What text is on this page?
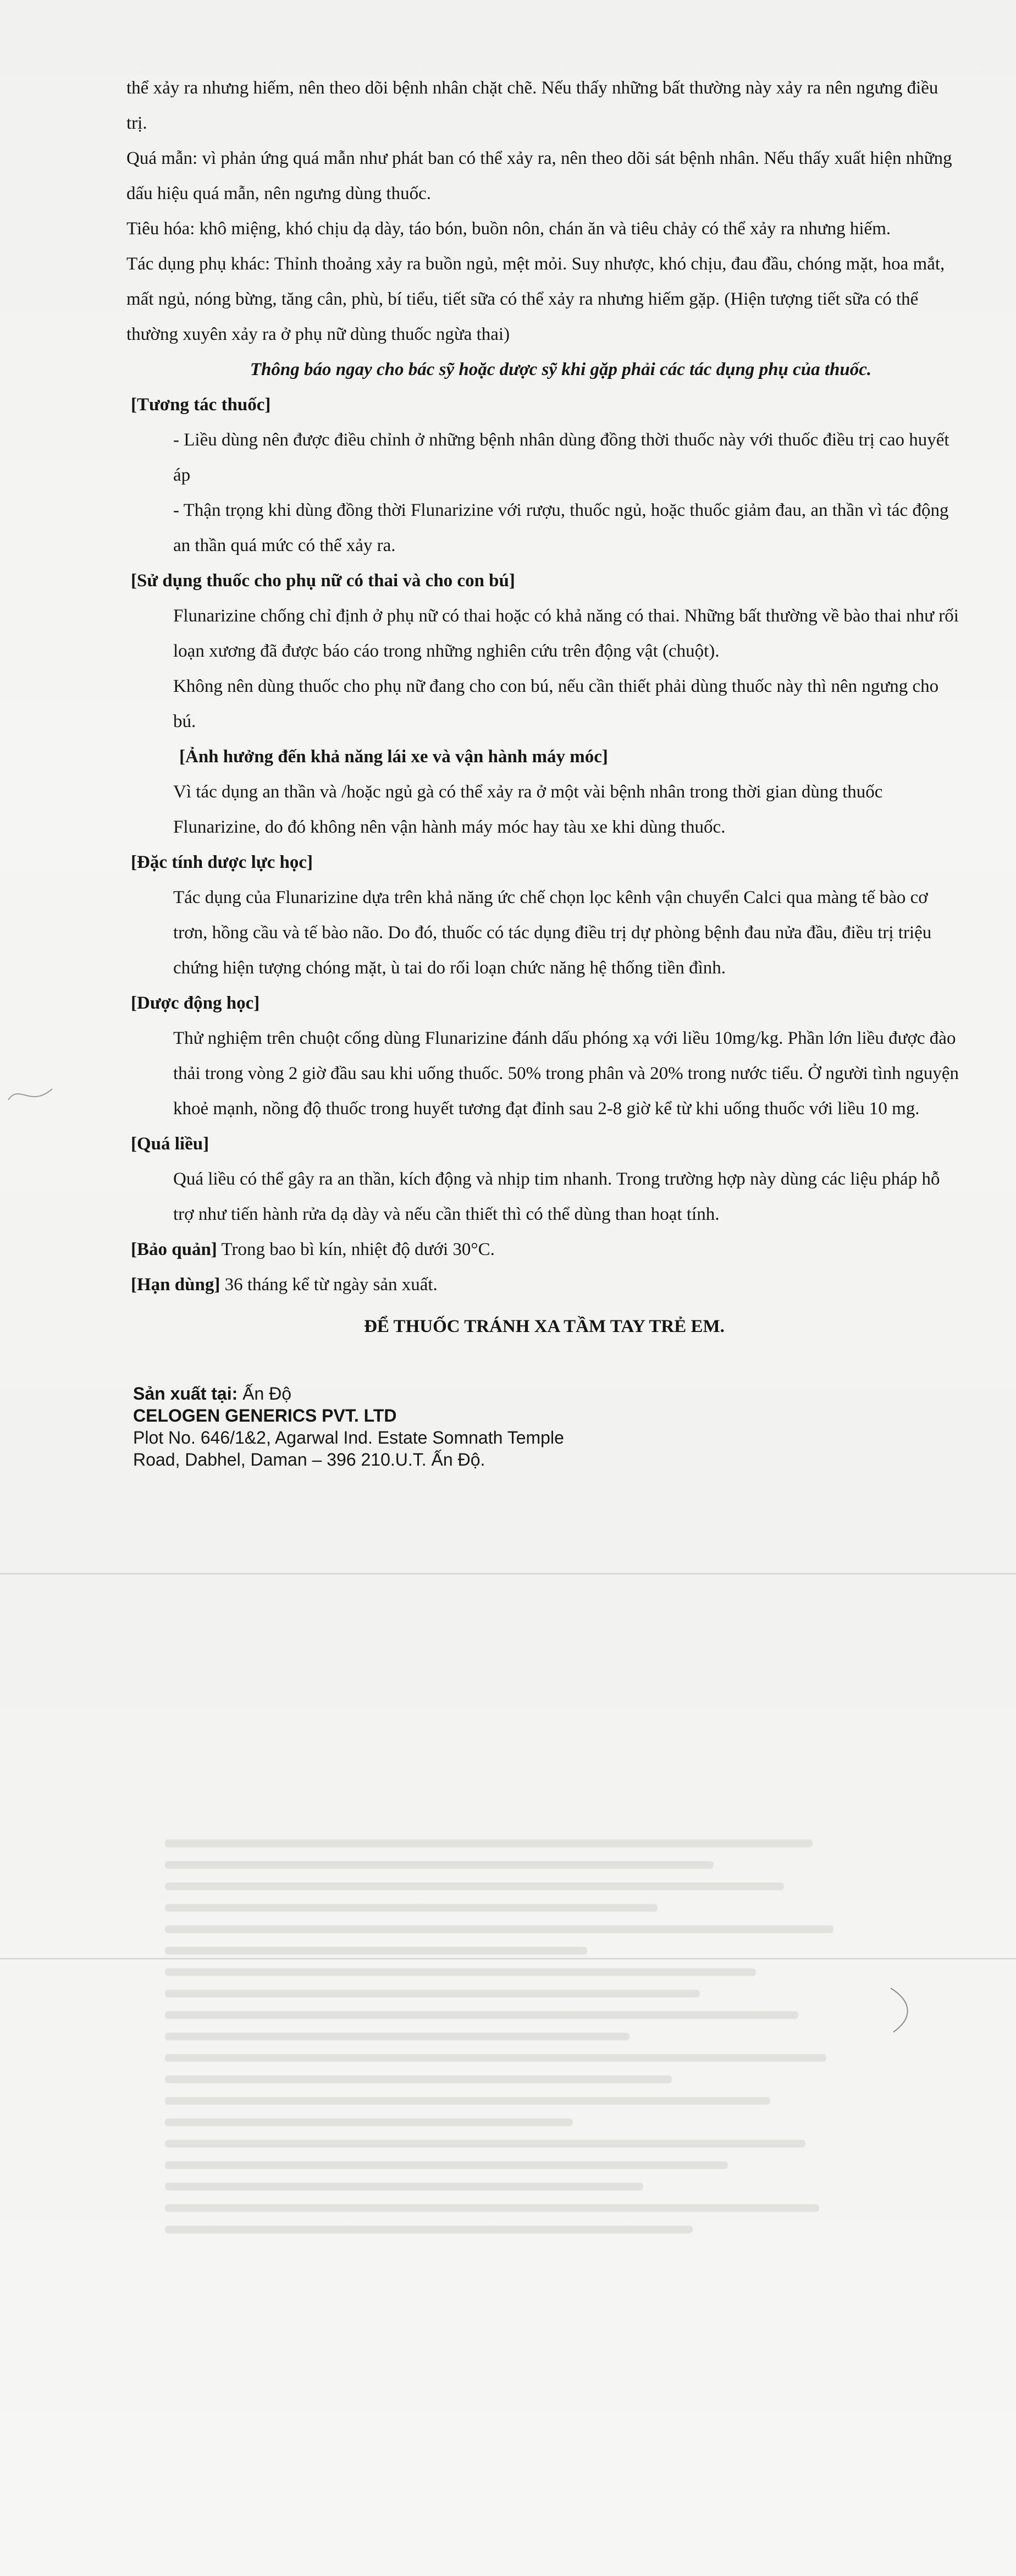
thể xảy ra nhưng hiếm, nên theo dõi bệnh nhân chặt chẽ. Nếu thấy những bất thường này xảy ra nên ngưng điều trị.

Quá mẫn: vì phản ứng quá mẫn như phát ban có thể xảy ra, nên theo dõi sát bệnh nhân. Nếu thấy xuất hiện những dấu hiệu quá mẫn, nên ngưng dùng thuốc.

Tiêu hóa: khô miệng, khó chịu dạ dày, táo bón, buồn nôn, chán ăn và tiêu chảy có thể xảy ra nhưng hiếm.

Tác dụng phụ khác: Thỉnh thoảng xảy ra buồn ngủ, mệt mỏi. Suy nhược, khó chịu, đau đầu, chóng mặt, hoa mắt, mất ngủ, nóng bừng, tăng cân, phù, bí tiểu, tiết sữa có thể xảy ra nhưng hiếm gặp. (Hiện tượng tiết sữa có thể thường xuyên xảy ra ở phụ nữ dùng thuốc ngừa thai)

Thông báo ngay cho bác sỹ hoặc dược sỹ khi gặp phải các tác dụng phụ của thuốc.

[Tương tác thuốc]

- Liều dùng nên được điều chỉnh ở những bệnh nhân dùng đồng thời thuốc này với thuốc điều trị cao huyết áp

- Thận trọng khi dùng đồng thời Flunarizine với rượu, thuốc ngủ, hoặc thuốc giảm đau, an thần vì tác động an thần quá mức có thể xảy ra.

[Sử dụng thuốc cho phụ nữ có thai và cho con bú]

Flunarizine chống chỉ định ở phụ nữ có thai hoặc có khả năng có thai. Những bất thường về bào thai như rối loạn xương đã được báo cáo trong những nghiên cứu trên động vật (chuột).

Không nên dùng thuốc cho phụ nữ đang cho con bú, nếu cần thiết phải dùng thuốc này thì nên ngưng cho bú.

[Ảnh hưởng đến khả năng lái xe và vận hành máy móc]

Vì tác dụng an thần và /hoặc ngủ gà có thể xảy ra ở một vài bệnh nhân trong thời gian dùng thuốc Flunarizine, do đó không nên vận hành máy móc hay tàu xe khi dùng thuốc.

[Đặc tính dược lực học]

Tác dụng của Flunarizine dựa trên khả năng ức chế chọn lọc kênh vận chuyển Calci qua màng tế bào cơ trơn, hồng cầu và tế bào não. Do đó, thuốc có tác dụng điều trị dự phòng bệnh đau nửa đầu, điều trị triệu chứng hiện tượng chóng mặt, ù tai do rối loạn chức năng hệ thống tiền đình.

[Dược động học]

Thử nghiệm trên chuột cống dùng Flunarizine đánh dấu phóng xạ với liều 10mg/kg. Phần lớn liều được đào thải trong vòng 2 giờ đầu sau khi uống thuốc. 50% trong phân và 20% trong nước tiểu. Ở người tình nguyện khoẻ mạnh, nồng độ thuốc trong huyết tương đạt đỉnh sau 2-8 giờ kể từ khi uống thuốc với liều 10 mg.

[Quá liều]

Quá liều có thể gây ra an thần, kích động và nhịp tim nhanh. Trong trường hợp này dùng các liệu pháp hỗ trợ như tiến hành rửa dạ dày và nếu cần thiết thì có thể dùng than hoạt tính.

[Bảo quản] Trong bao bì kín, nhiệt độ dưới 30°C.

[Hạn dùng] 36 tháng kể từ ngày sản xuất.

ĐỂ THUỐC TRÁNH XA TẦM TAY TRẺ EM.

Sản xuất tại: Ấn Độ
CELOGEN GENERICS PVT. LTD
Plot No. 646/1&2, Agarwal Ind. Estate Somnath Temple
Road, Dabhel, Daman – 396 210.U.T. Ấn Độ.
